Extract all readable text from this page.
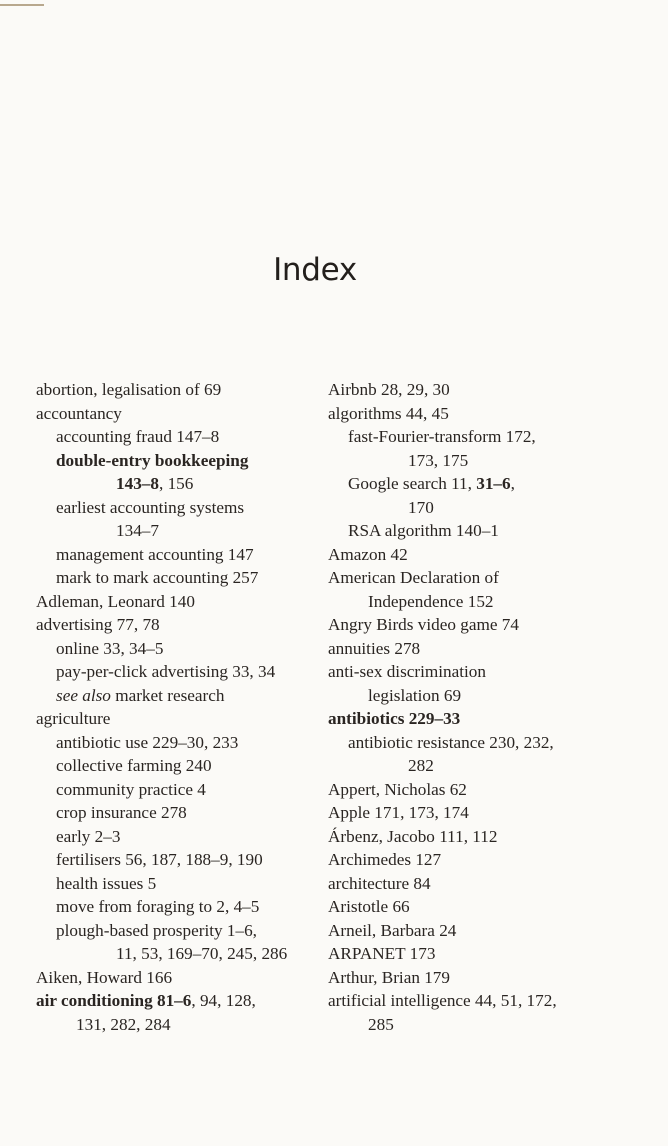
Index
abortion, legalisation of 69
accountancy
accounting fraud 147–8
double-entry bookkeeping
143–8, 156
earliest accounting systems
134–7
management accounting 147
mark to mark accounting 257
Adleman, Leonard 140
advertising 77, 78
online 33, 34–5
pay-per-click advertising 33, 34
see also market research
agriculture
antibiotic use 229–30, 233
collective farming 240
community practice 4
crop insurance 278
early 2–3
fertilisers 56, 187, 188–9, 190
health issues 5
move from foraging to 2, 4–5
plough-based prosperity 1–6,
11, 53, 169–70, 245, 286
Aiken, Howard 166
air conditioning 81–6, 94, 128,
131, 282, 284
Airbnb 28, 29, 30
algorithms 44, 45
fast-Fourier-transform 172,
173, 175
Google search 11, 31–6,
170
RSA algorithm 140–1
Amazon 42
American Declaration of
Independence 152
Angry Birds video game 74
annuities 278
anti-sex discrimination
legislation 69
antibiotics 229–33
antibiotic resistance 230, 232,
282
Appert, Nicholas 62
Apple 171, 173, 174
Árbenz, Jacobo 111, 112
Archimedes 127
architecture 84
Aristotle 66
Arneil, Barbara 24
ARPANET 173
Arthur, Brian 179
artificial intelligence 44, 51, 172,
285
